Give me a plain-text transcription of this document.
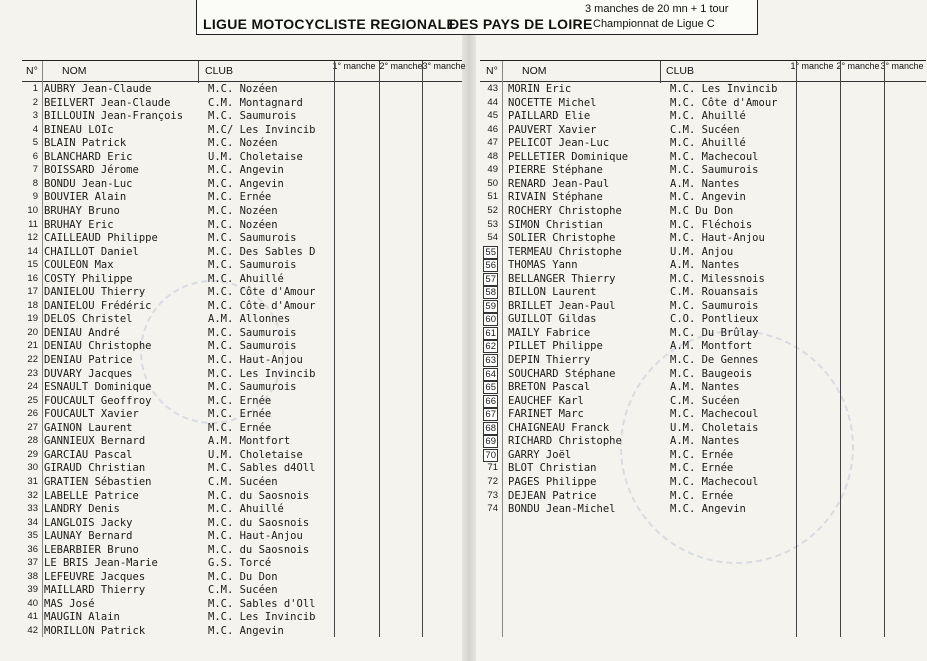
LIGUE MOTOCYCLISTE REGIONALE
DES PAYS DE LOIRE
3 manches de 20 mn + 1 tour
Championnat de Ligue C
N° NOM	CLUB	1° manche 2° manche 3° manche
1 AUBRY Jean-Claude	M.C. Nozéen
2 BEILVERT Jean-Claude	C.M. Montagnard
3 BILLOUIN Jean-François	M.C. Saumurois
4 BINEAU LOÏc	M.C/ Les Invincib
5 BLAIN Patrick	M.C. Nozéen
6 BLANCHARD Eric	U.M. Choletaise
7 BOISSARD Jérome	M.C. Angevin
8 BONDU Jean-Luc	M.C. Angevin
9 BOUVIER Alain	M.C. Ernée
10 BRUHAY Bruno	M.C. Nozéen
11 BRUHAY Eric	M.C. Nozéen
12 CAILLEAUD Philippe	M.C. Saumurois
14 CHAILLOT Daniel	M.C. Des Sables D
15 COULEON Max	M.C. Saumurois
16 COSTY Philippe	M.C. Ahuillé
17 DANIELOU Thierry	M.C. Côte d'Amour
18 DANIELOU Frédéric	M.C. Côte d'Amour
19 DELOS Christel	A.M. Allonnes
20 DENIAU André	M.C. Saumurois
21 DENIAU Christophe	M.C. Saumurois
22 DENIAU Patrice	M.C. Haut-Anjou
23 DUVARY Jacques	M.C. Les Invincib
24 ESNAULT Dominique	M.C. Saumurois
25 FOUCAULT Geoffroy	M.C. Ernée
26 FOUCAULT Xavier	M.C. Ernée
27 GAINON Laurent	M.C. Ernée
28 GANNIEUX Bernard	A.M. Montfort
29 GARCIAU Pascal	U.M. Choletaise
30 GIRAUD Christian	M.C. Sables d4Oll
31 GRATIEN Sébastien	C.M. Sucéen
32 LABELLE Patrice	M.C. du Saosnois
33 LANDRY Denis	M.C. Ahuillé
34 LANGLOIS Jacky	M.C. du Saosnois
35 LAUNAY Bernard	M.C. Haut-Anjou
36 LEBARBIER Bruno	M.C. du Saosnois
37 LE BRIS Jean-Marie	G.S. Torcé
38 LEFEUVRE Jacques	M.C. Du Don
39 MAILLARD Thierry	C.M. Sucéen
40 MAS José	M.C. Sables d'Oll
41 MAUGIN Alain	M.C. Les Invincib
42 MORILLON Patrick	M.C. Angevin
N° NOM	CLUB	1° manche 2° manche 3° manche
43 MORIN Eric	M.C. Les Invincib
44 NOCETTE Michel	M.C. Côte d'Amour
45 PAILLARD Elie	M.C. Ahuillé
46 PAUVERT Xavier	C.M. Sucéen
47 PELICOT Jean-Luc	M.C. Ahuillé
48 PELLETIER Dominique	M.C. Machecoul
49 PIERRE Stéphane	M.C. Saumurois
50 RENARD Jean-Paul	A.M. Nantes
51 RIVAIN Stéphane	M.C. Angevin
52 ROCHERY Christophe	M.C Du Don
53 SIMON Christian	M.C. Fléchois
54 SOLIER Christophe	M.C. Haut-Anjou
55 TERMEAU Christophe	U.M. Anjou
56 THOMAS Yann	A.M. Nantes
57 BELLANGER Thierry	M.C. Milessnois
58 BILLON Laurent	C.M. Rouansais
59 BRILLET Jean-Paul	M.C. Saumurois
60 GUILLOT Gildas	C.O. Pontlieux
61 MAILY Fabrice	M.C. Du Brûlay
62 PILLET Philippe	A.M. Montfort
63 DEPIN Thierry	M.C. De Gennes
64 SOUCHARD Stéphane	M.C. Baugeois
65 BRETON Pascal	A.M. Nantes
66 EAUCHEF Karl	C.M. Sucéen
67 FARINET Marc	M.C. Machecoul
68 CHAIGNEAU Franck	U.M. Choletais
69 RICHARD Christophe	A.M. Nantes
70 GARRY Joël	M.C. Ernée
71 BLOT Christian	M.C. Ernée
72 PAGES Philippe	M.C. Machecoul
73 DEJEAN Patrice	M.C. Ernée
74 BONDU Jean-Michel	M.C. Angevin
